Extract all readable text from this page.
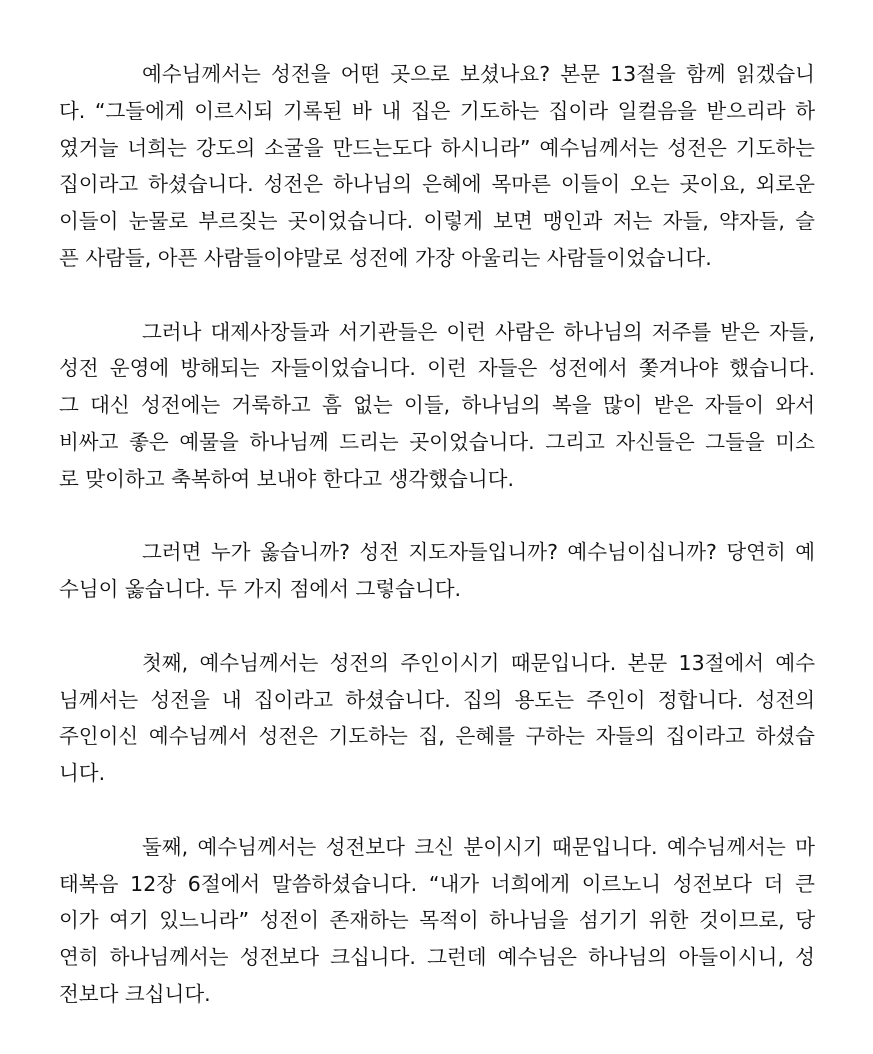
예수님께서는 성전을 어떤 곳으로 보셨나요? 본문 13절을 함께 읽겠습니
다. “그들에게 이르시되 기록된 바 내 집은 기도하는 집이라 일컬음을 받으리라 하
였거늘 너희는 강도의 소굴을 만드는도다 하시니라” 예수님께서는 성전은 기도하는
집이라고 하셨습니다. 성전은 하나님의 은혜에 목마른 이들이 오는 곳이요, 외로운
이들이 눈물로 부르짖는 곳이었습니다. 이렇게 보면 맹인과 저는 자들, 약자들, 슬
픈 사람들, 아픈 사람들이야말로 성전에 가장 아울리는 사람들이었습니다.
그러나 대제사장들과 서기관들은 이런 사람은 하나님의 저주를 받은 자들,
성전 운영에 방해되는 자들이었습니다. 이런 자들은 성전에서 쫓겨나야 했습니다.
그 대신 성전에는 거룩하고 흠 없는 이들, 하나님의 복을 많이 받은 자들이 와서
비싸고 좋은 예물을 하나님께 드리는 곳이었습니다. 그리고 자신들은 그들을 미소
로 맞이하고 축복하여 보내야 한다고 생각했습니다.
그러면 누가 옳습니까? 성전 지도자들입니까? 예수님이십니까? 당연히 예
수님이 옳습니다. 두 가지 점에서 그렇습니다.
첫째, 예수님께서는 성전의 주인이시기 때문입니다. 본문 13절에서 예수
님께서는 성전을 내 집이라고 하셨습니다. 집의 용도는 주인이 정합니다. 성전의
주인이신 예수님께서 성전은 기도하는 집, 은혜를 구하는 자들의 집이라고 하셨습
니다.
둘째, 예수님께서는 성전보다 크신 분이시기 때문입니다. 예수님께서는 마
태복음 12장 6절에서 말씀하셨습니다. “내가 너희에게 이르노니 성전보다 더 큰
이가 여기 있느니라” 성전이 존재하는 목적이 하나님을 섬기기 위한 것이므로, 당
연히 하나님께서는 성전보다 크십니다. 그런데 예수님은 하나님의 아들이시니, 성
전보다 크십니다.
